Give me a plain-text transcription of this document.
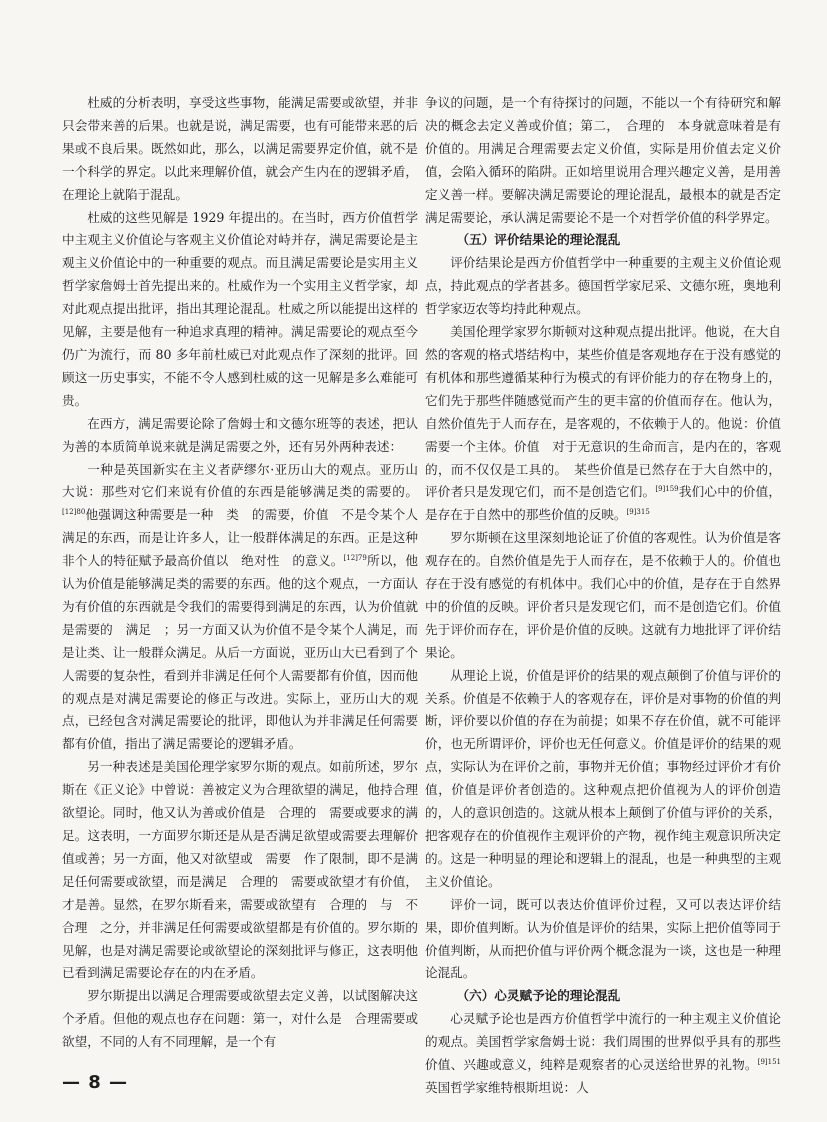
杜威的分析表明，享受这些事物，能满足需要或欲望，并非只会带来善的后果。也就是说，满足需要，也有可能带来恶的后果或不良后果。既然如此，那么，以满足需要界定价值，就不是一个科学的界定。以此来理解价值，就会产生内在的逻辑矛盾，在理论上就陷于混乱。

杜威的这些见解是 1929 年提出的。在当时，西方价值哲学中主观主义价值论与客观主义价值论对峙并存，满足需要论是主观主义价值论中的一种重要的观点。而且满足需要论是实用主义哲学家詹姆士首先提出来的。杜威作为一个实用主义哲学家，却对此观点提出批评，指出其理论混乱。杜威之所以能提出这样的见解，主要是他有一种追求真理的精神。满足需要论的观点至今仍广为流行，而 80 多年前杜威已对此观点作了深刻的批评。回顾这一历史事实，不能不令人感到杜威的这一见解是多么难能可贵。

在西方，满足需要论除了詹姆士和文德尔班等的表述，把认为善的本质简单说来就是满足需要之外，还有另外两种表述：

一种是英国新实在主义者萨缪尔·亚历山大的观点。亚历山大说：那些对它们来说有价值的东西是能够满足类的需要的。$^{[12]80}$他强调这种需要是一种　类　的需要，价值　不是令某个人满足的东西，而是让许多人，让一般群体满足的东西。正是这种非个人的特征赋予最高价值以　绝对性　的意义。$^{[12]79}$所以，他认为价值是能够满足类的需要的东西。他的这个观点，一方面认为有价值的东西就是令我们的需要得到满足的东西，认为价值就是需要的　满足　；另一方面又认为价值不是令某个人满足，而是让类、让一般群众满足。从后一方面说，亚历山大已看到了个人需要的复杂性，看到并非满足任何个人需要都有价值，因而他的观点是对满足需要论的修正与改进。实际上，亚历山大的观点，已经包含对满足需要论的批评，即他认为并非满足任何需要都有价值，指出了满足需要论的逻辑矛盾。

另一种表述是美国伦理学家罗尔斯的观点。如前所述，罗尔斯在《正义论》中曾说：善被定义为合理欲望的满足，他持合理欲望论。同时，他又认为善或价值是　合理的　需要或要求的满足。这表明，一方面罗尔斯还是从是否满足欲望或需要去理解价值或善；另一方面，他又对欲望或　需要　作了限制，即不是满足任何需要或欲望，而是满足　合理的　需要或欲望才有价值，才是善。显然，在罗尔斯看来，需要或欲望有　合理的　与　不合理　之分，并非满足任何需要或欲望都是有价值的。罗尔斯的见解，也是对满足需要论或欲望论的深刻批评与修正，这表明他已看到满足需要论存在的内在矛盾。

罗尔斯提出以满足合理需要或欲望去定义善，以试图解决这个矛盾。但他的观点也存在问题：第一，对什么是　合理需要或欲望，不同的人有不同理解，是一个有

争议的问题，是一个有待探讨的问题，不能以一个有待研究和解决的概念去定义善或价值；第二，　合理的　本身就意味着是有价值的。用满足合理需要去定义价值，实际是用价值去定义价值，会陷入循环的陷阱。正如培里说用合理兴趣定义善，是用善定义善一样。要解决满足需要论的理论混乱，最根本的就是否定满足需要论，承认满足需要论不是一个对哲学价值的科学界定。

（五）评价结果论的理论混乱

评价结果论是西方价值哲学中一种重要的主观主义价值论观点，持此观点的学者甚多。德国哲学家尼采、文德尔班，奥地利哲学家迈农等均持此种观点。

美国伦理学家罗尔斯顿对这种观点提出批评。他说，在大自然的客观的格式塔结构中，某些价值是客观地存在于没有感觉的有机体和那些遵循某种行为模式的有评价能力的存在物身上的，它们先于那些伴随感觉而产生的更丰富的价值而存在。他认为，自然价值先于人而存在，是客观的，不依赖于人的。他说：价值需要一个主体。价值　对于无意识的生命而言，是内在的，客观的，而不仅仅是工具的。　某些价值是已然存在于大自然中的，评价者只是发现它们，而不是创造它们。$^{[9]159}$我们心中的价值，是存在于自然中的那些价值的反映。$^{[9]315}$

罗尔斯顿在这里深刻地论证了价值的客观性。认为价值是客观存在的。自然价值是先于人而存在，是不依赖于人的。价值也存在于没有感觉的有机体中。我们心中的价值，是存在于自然界中的价值的反映。评价者只是发现它们，而不是创造它们。价值先于评价而存在，评价是价值的反映。这就有力地批评了评价结果论。

从理论上说，价值是评价的结果的观点颠倒了价值与评价的关系。价值是不依赖于人的客观存在，评价是对事物的价值的判断，评价要以价值的存在为前提；如果不存在价值，就不可能评价，也无所谓评价，评价也无任何意义。价值是评价的结果的观点，实际认为在评价之前，事物并无价值；事物经过评价才有价值，价值是评价者创造的。这种观点把价值视为人的评价创造的，人的意识创造的。这就从根本上颠倒了价值与评价的关系，把客观存在的价值视作主观评价的产物，视作纯主观意识所决定的。这是一种明显的理论和逻辑上的混乱，也是一种典型的主观主义价值论。

评价一词，既可以表达价值评价过程，又可以表达评价结果，即价值判断。认为价值是评价的结果，实际上把价值等同于价值判断，从而把价值与评价两个概念混为一谈，这也是一种理论混乱。

（六）心灵赋予论的理论混乱

心灵赋予论也是西方价值哲学中流行的一种主观主义价值论的观点。美国哲学家詹姆士说：我们周围的世界似乎具有的那些价值、兴趣或意义，纯粹是观察者的心灵送给世界的礼物。$^{[9]151}$英国哲学家维特根斯坦说：人

— 8 —
